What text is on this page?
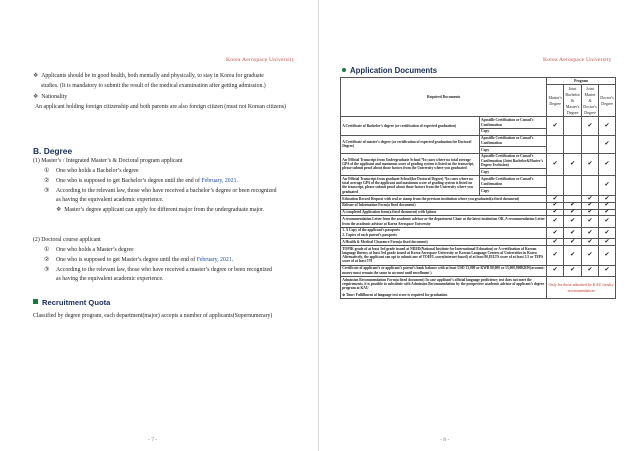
Korea Aerospace University
❖ Applicants should be in good health, both mentally and physically, to stay in Korea for graduate
studies. (It is mandatory to submit the result of the medical examination after getting admission.)
❖ Nationality
An applicant holding foreign citizenship and both parents are also foreign citizen (must not Korean citizens)
B. Degree
(1) Master’s / Integrated Master’s & Doctoral program applicant
① One who holds a Bachelor’s degree
② One who is supposed to get Bachelor’s degree until the end of February, 2021.
③ According to the relevant law, those who have received a bachelor’s degree or been recognized
as having the equivalent academic experience.
❖ Master’s degree applicant can apply for different major from the undergraduate major.
(2) Doctoral course applicant
① One who holds a Master’s degree
② One who is supposed to get Master’s degree until the end of February, 2021.
③ According to the relevant law, those who have received a master’s degree or been recognized
as having the equivalent academic experience.
Recruitment Quota
Classified by degree program, each department(major) accepts a number of applicants(Supernumerary)
- 7 -
Korea Aerospace University
- 8 -
Application Documents
Required Documents		Program			
		Master's Degree	Joint Bachelor & Master's Degree	Joint Master & Doctor's Degree	Doctor's Degree
A Certificate of Bachelor’s degree (or certification of expected graduation)	Apostille Certification or Consul’s Confirmation	✔		✔	✔
	Copy				
A Certificate of master’s degree (or certification of expected graduation for Doctoral Degree)	Apostille Certification or Consul’s Confirmation				✔
	Copy				
An Official Transcript from Undergraduate School *In cases where no total average GPA of the applicant and maximum score of grading system is listed on the transcript, please submit proof about those factors from the University where you graduated	Apostille Certification or Consul’s Confirmation (Joint Bachelor&Master’s Degree Exclusion)	✔	✔	✔	✔
	Copy				
An Official Transcript from graduate School(for Doctoral Degree) *In cases where no total average GPA of the applicant and maximum score of grading system is listed on the transcript, please submit proof about those factors from the University where you graduated	Apostille Certification or Consul’s Confirmation				✔
	Copy				
Education Record Request with seal or stamp from the previous institution where you graduated(a fixed document)		✔		✔	✔
Release of Information Form(a fixed document)		✔	✔	✔	✔
A completed Application form(a fixed document) with 1photo		✔	✔	✔	✔
A recommendation Letter from the academic advisor or the department Chair at the latest institution OR, A recommendation Letter from the academic advisor at Korea Aerospace University		✔	✔	✔	✔

1. A Copy of the applicant’s passports
2. Copies of each parent’s passports		✔	✔	✔	✔
A Health & Medical Clearance Form(a fixed document)		✔	✔	✔	✔
TOPIK grade of at least 3rd grade issued at NIIED(National Institute for International Education) or A certification of Korean language fluency at least 3rd grade issued at Korea Aerospace University or Korean Language Centers of Universities in Korea Alternatively, the applicant can opt to submit one of TOEFL score(internet-based) of at least 80,IELTS score of at least 5.5 or TEPS score of at least 579		✔	✔	✔	✔
Certificate of applicant’s or applicant’s parent’s bank balance with at least USD 13,000 or KWB 80,000 or 13,000,000KRW(account: money must remain the same in account until enrollment )		✔	✔	✔	✔

Admission Recommendation Form(a fixed document) In case applicant’s official language proficiency test does not meet the requirements, it is possible to substitute with Admission Recommendation by the prospective academic advisor of applicant’s degree program at KAU
※ Tune: Fulfillment of language test score is required for graduation		Only for those admitted by KAU faculty recommendation			
